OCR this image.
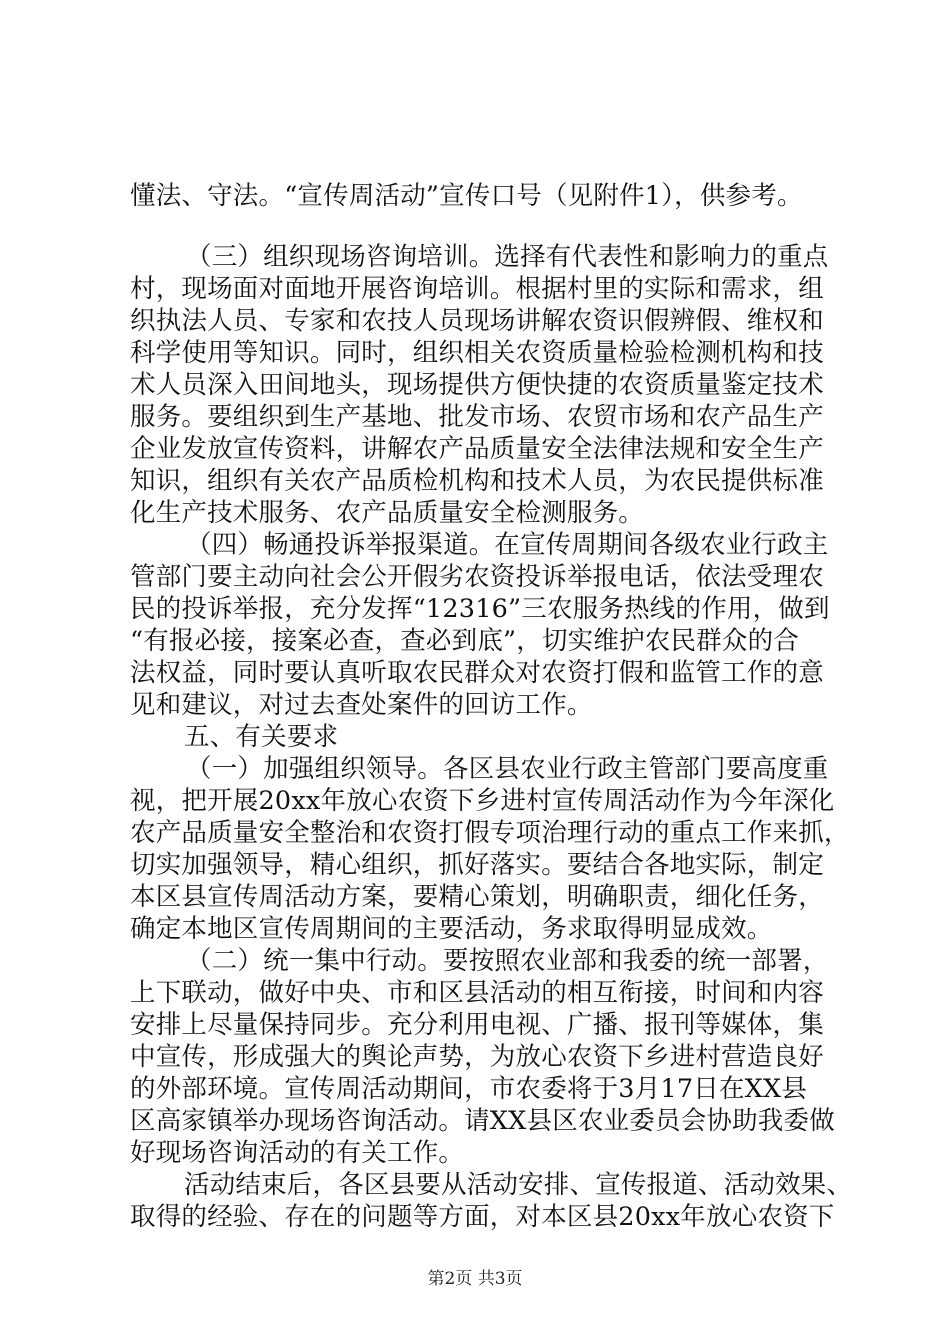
懂法、守法。“宣传周活动”宣传口号（见附件1），供参考。
（三）组织现场咨询培训。选择有代表性和影响力的重点
村，现场面对面地开展咨询培训。根据村里的实际和需求，组
织执法人员、专家和农技人员现场讲解农资识假辨假、维权和
科学使用等知识。同时，组织相关农资质量检验检测机构和技
术人员深入田间地头，现场提供方便快捷的农资质量鉴定技术
服务。要组织到生产基地、批发市场、农贸市场和农产品生产
企业发放宣传资料，讲解农产品质量安全法律法规和安全生产
知识，组织有关农产品质检机构和技术人员，为农民提供标准
化生产技术服务、农产品质量安全检测服务。
（四）畅通投诉举报渠道。在宣传周期间各级农业行政主
管部门要主动向社会公开假劣农资投诉举报电话，依法受理农
民的投诉举报，充分发挥“12316”三农服务热线的作用，做到
“有报必接，接案必查，查必到底”，切实维护农民群众的合
法权益，同时要认真听取农民群众对农资打假和监管工作的意
见和建议，对过去查处案件的回访工作。
五、有关要求
（一）加强组织领导。各区县农业行政主管部门要高度重
视，把开展20xx年放心农资下乡进村宣传周活动作为今年深化
农产品质量安全整治和农资打假专项治理行动的重点工作来抓，
切实加强领导，精心组织，抓好落实。要结合各地实际，制定
本区县宣传周活动方案，要精心策划，明确职责，细化任务，
确定本地区宣传周期间的主要活动，务求取得明显成效。
（二）统一集中行动。要按照农业部和我委的统一部署，
上下联动，做好中央、市和区县活动的相互衔接，时间和内容
安排上尽量保持同步。充分利用电视、广播、报刊等媒体，集
中宣传，形成强大的舆论声势，为放心农资下乡进村营造良好
的外部环境。宣传周活动期间，市农委将于3月17日在XX县
区高家镇举办现场咨询活动。请XX县区农业委员会协助我委做
好现场咨询活动的有关工作。
活动结束后，各区县要从活动安排、宣传报道、活动效果、
取得的经验、存在的问题等方面，对本区县20xx年放心农资下
第2页 共3页
